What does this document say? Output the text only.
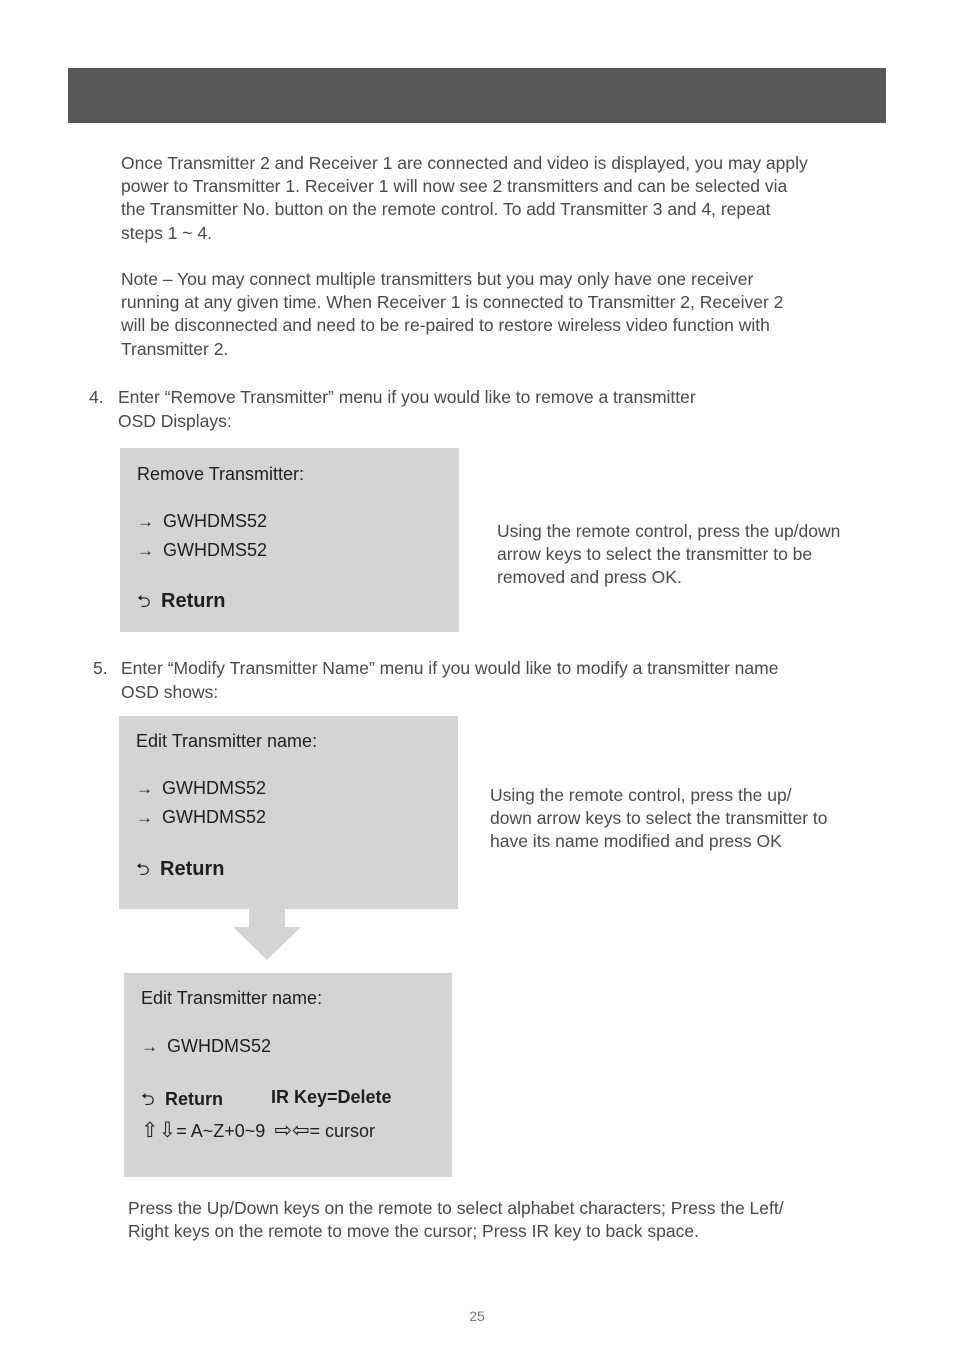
Once Transmitter 2 and Receiver 1 are connected and video is displayed, you may apply
power to Transmitter 1. Receiver 1 will now see 2 transmitters and can be selected via
the Transmitter No. button on the remote control. To add Transmitter 3 and 4, repeat
steps 1 ~ 4.
Note – You may connect multiple transmitters but you may only have one receiver
running at any given time. When Receiver 1 is connected to Transmitter 2, Receiver 2
will be disconnected and need to be re-paired to restore wireless video function with
Transmitter 2.
4. Enter “Remove Transmitter” menu if you would like to remove a transmitter
OSD Displays:
Remove Transmitter:
→ GWHDMS52
→ GWHDMS52
⮌ Return
Using the remote control, press the up/down
arrow keys to select the transmitter to be
removed and press OK.
5. Enter “Modify Transmitter Name” menu if you would like to modify a transmitter name
OSD shows:
Edit Transmitter name:
→ GWHDMS52
→ GWHDMS52
⮌ Return
Using the remote control, press the up/
down arrow keys to select the transmitter to
have its name modified and press OK
Edit Transmitter name:
→ GWHDMS52
⮌ Return	IR Key=Delete
⇧⇩= A~Z+0~9 ⇨⇦= cursor
Press the Up/Down keys on the remote to select alphabet characters; Press the Left/
Right keys on the remote to move the cursor; Press IR key to back space.
25
